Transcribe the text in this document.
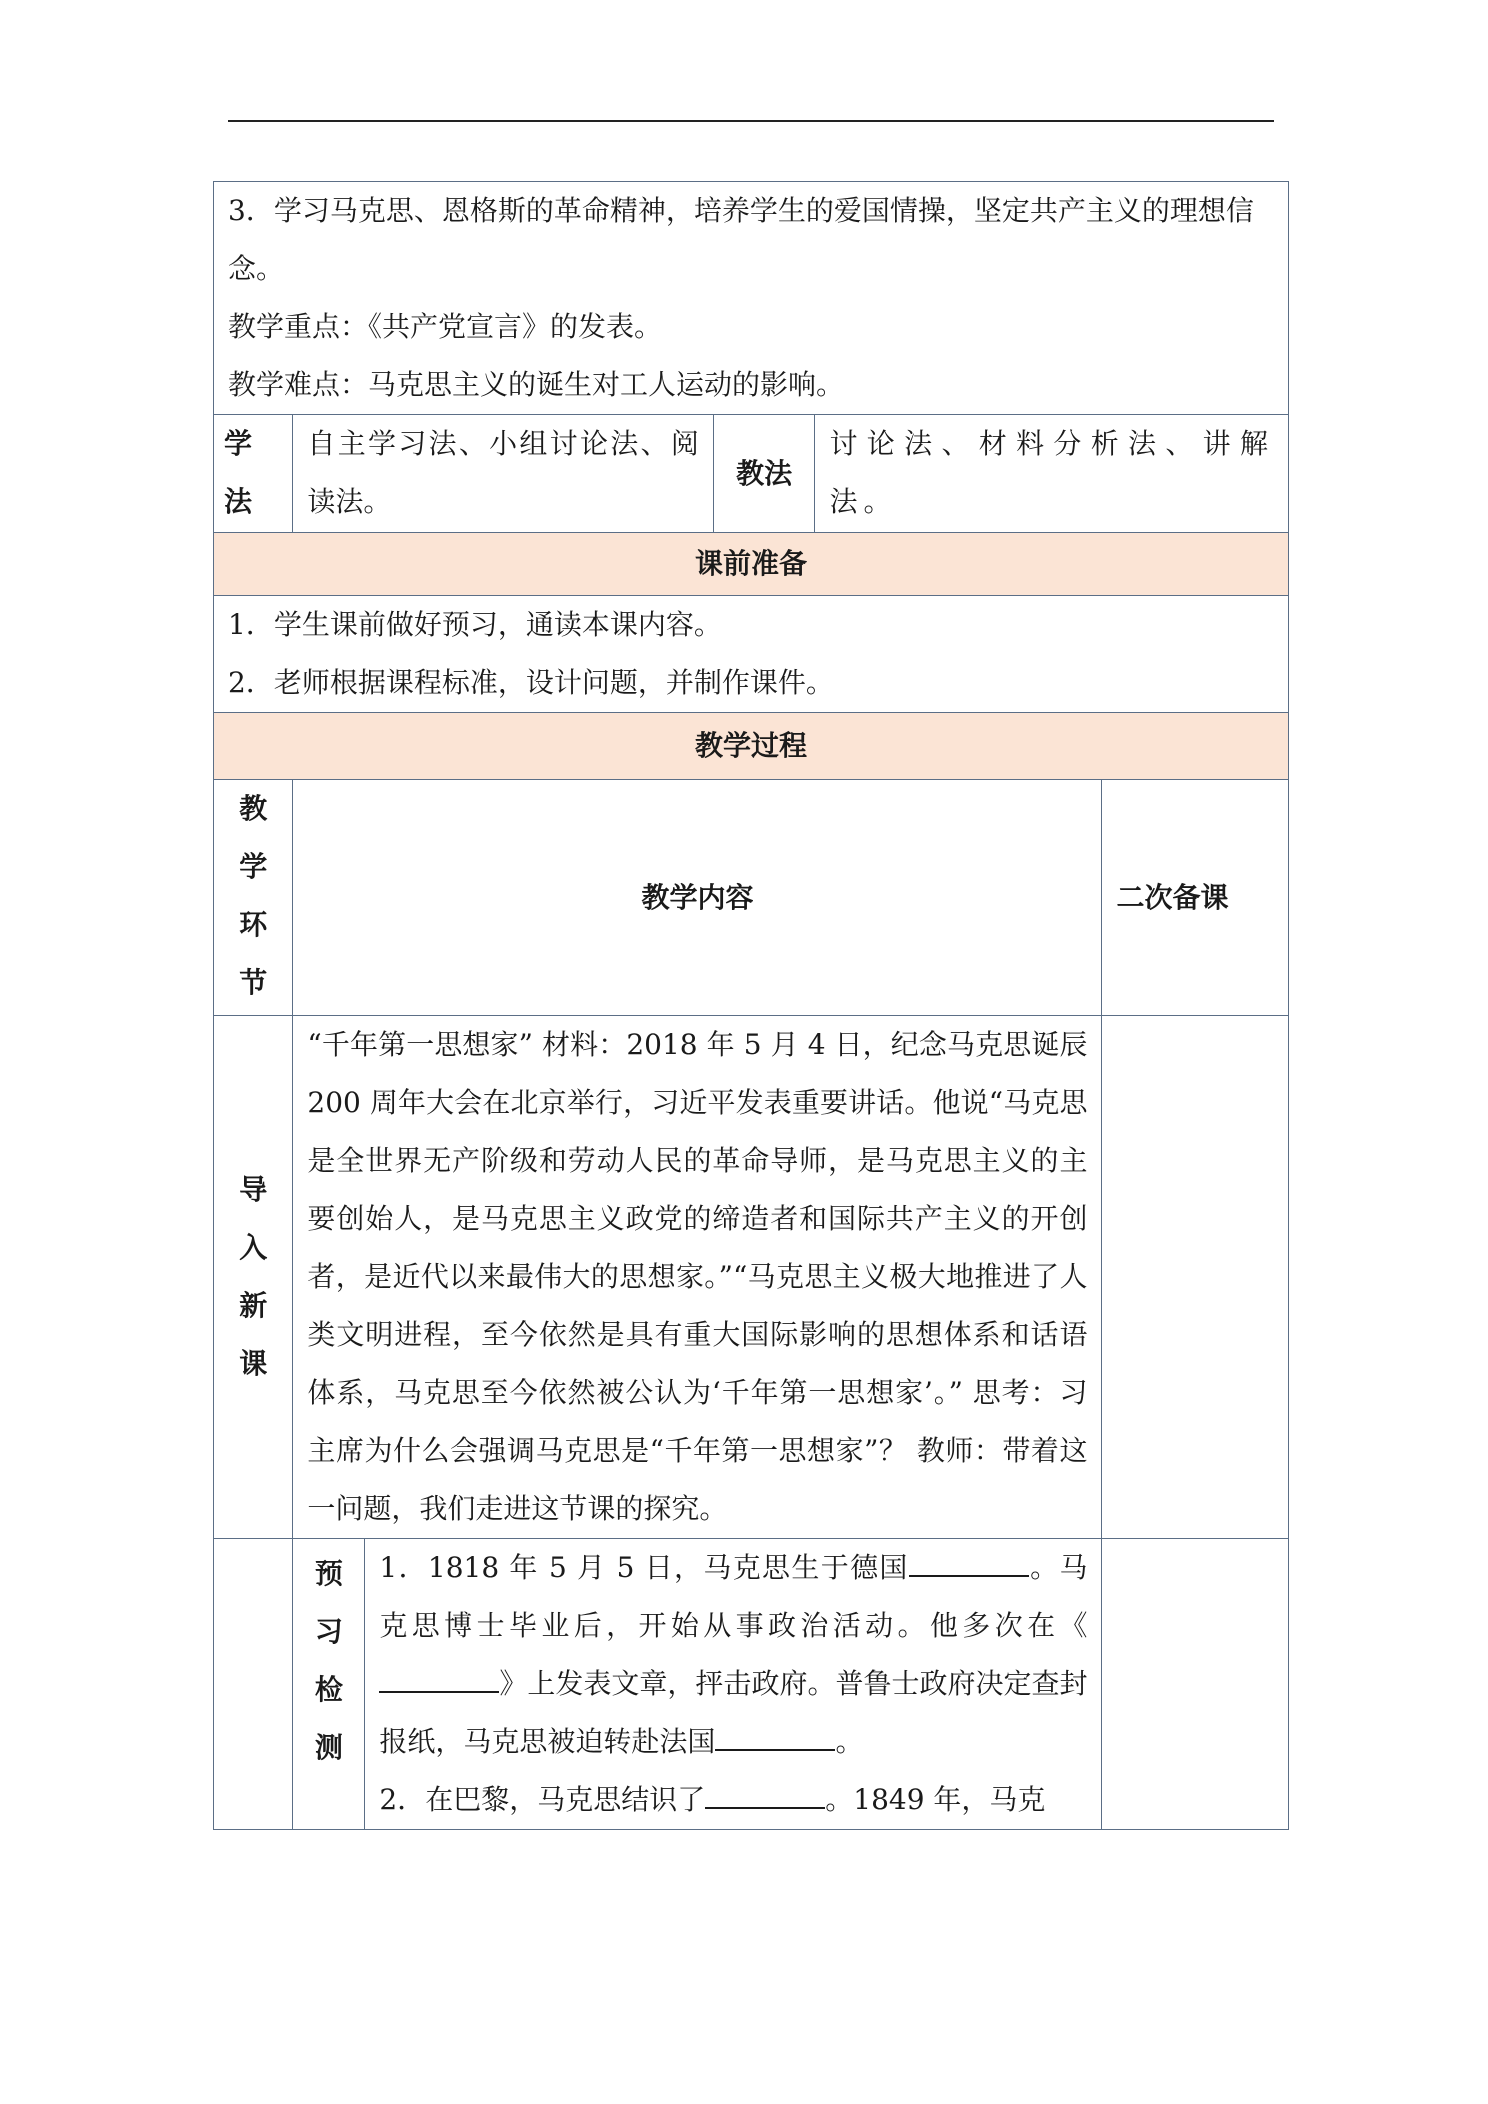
3．学习马克思、恩格斯的革命精神，培养学生的爱国情操，坚定共产主义的理想信念。

教学重点：《共产党宣言》的发表。

教学难点：马克思主义的诞生对工人运动的影响。					

学法	自主学习法、小组讨论法、阅读法。		教法	讨论法、材料分析法、讲解法。	
课前准备					

1．学生课前做好预习，通读本课内容。

2．老师根据课程标准，设计问题，并制作课件。					

教学过程					

教学环节	教学内容				二次备课

导入新课	“千年第一思想家” 材料：2018 年 5 月 4 日，纪念马克思诞辰 200 周年大会在北京举行，习近平发表重要讲话。他说“马克思是全世界无产阶级和劳动人民的革命导师，是马克思主义的主要创始人，是马克思主义政党的缔造者和国际共产主义的开创者，是近代以来最伟大的思想家。”“马克思主义极大地推进了人类文明进程，至今依然是具有重大国际影响的思想体系和话语体系，马克思至今依然被公认为‘千年第一思想家’。” 思考：习主席为什么会强调马克思是“千年第一思想家”？ 教师：带着这一问题，我们走进这节课的探究。				

	预习检测	1．1818 年 5 月 5 日，马克思生于德国 。马克思博士毕业后，开始从事政治活动。他多次在《》上发表文章，抨击政府。普鲁士政府决定查封报纸，马克思被迫转赴法国 。

2．在巴黎，马克思结识了 。1849 年，马克			
